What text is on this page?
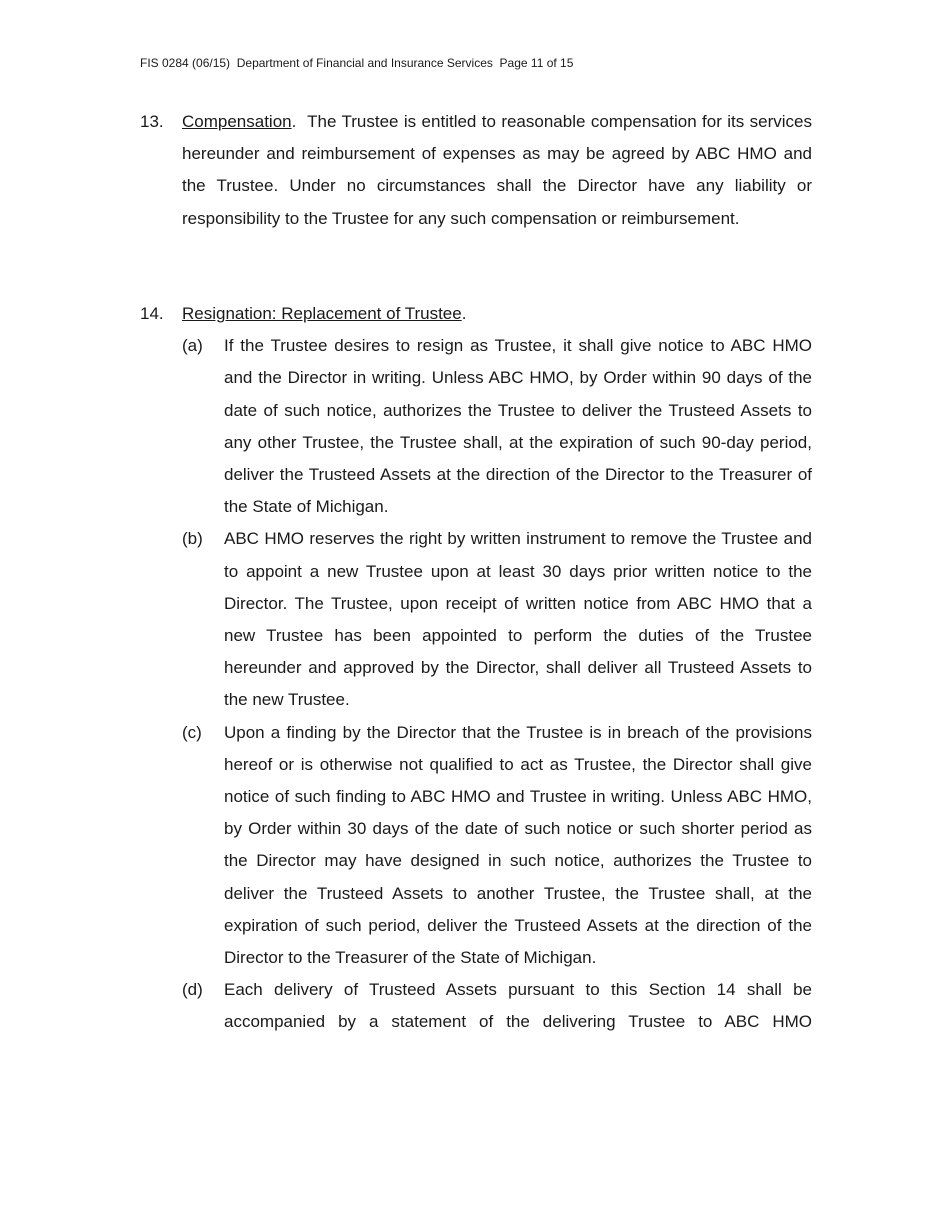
FIS 0284 (06/15) Department of Financial and Insurance Services Page 11 of 15
13.	Compensation. The Trustee is entitled to reasonable compensation for its services hereunder and reimbursement of expenses as may be agreed by ABC HMO and the Trustee. Under no circumstances shall the Director have any liability or responsibility to the Trustee for any such compensation or reimbursement.
14.	Resignation: Replacement of Trustee.
(a)	If the Trustee desires to resign as Trustee, it shall give notice to ABC HMO and the Director in writing. Unless ABC HMO, by Order within 90 days of the date of such notice, authorizes the Trustee to deliver the Trusteed Assets to any other Trustee, the Trustee shall, at the expiration of such 90-day period, deliver the Trusteed Assets at the direction of the Director to the Treasurer of the State of Michigan.
(b)	ABC HMO reserves the right by written instrument to remove the Trustee and to appoint a new Trustee upon at least 30 days prior written notice to the Director. The Trustee, upon receipt of written notice from ABC HMO that a new Trustee has been appointed to perform the duties of the Trustee hereunder and approved by the Director, shall deliver all Trusteed Assets to the new Trustee.
(c)	Upon a finding by the Director that the Trustee is in breach of the provisions hereof or is otherwise not qualified to act as Trustee, the Director shall give notice of such finding to ABC HMO and Trustee in writing. Unless ABC HMO, by Order within 30 days of the date of such notice or such shorter period as the Director may have designed in such notice, authorizes the Trustee to deliver the Trusteed Assets to another Trustee, the Trustee shall, at the expiration of such period, deliver the Trusteed Assets at the direction of the Director to the Treasurer of the State of Michigan.
(d)	Each delivery of Trusteed Assets pursuant to this Section 14 shall be accompanied by a statement of the delivering Trustee to ABC HMO
